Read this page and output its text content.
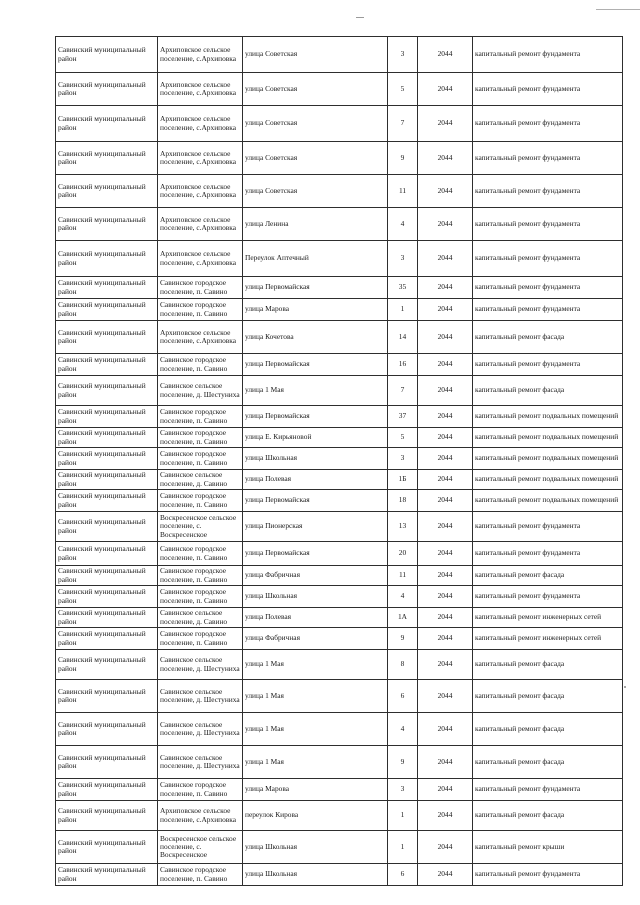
Савинский муниципальный район	Архиповское сельское поселение, с.Архиповка	улица Советская	3	2044	капитальный ремонт фундамента
Савинский муниципальный район	Архиповское сельское поселение, с.Архиповка	улица Советская	5	2044	капитальный ремонт фундамента
Савинский муниципальный район	Архиповское сельское поселение, с.Архиповка	улица Советская	7	2044	капитальный ремонт фундамента
Савинский муниципальный район	Архиповское сельское поселение, с.Архиповка	улица Советская	9	2044	капитальный ремонт фундамента
Савинский муниципальный район	Архиповское сельское поселение, с.Архиповка	улица Советская	11	2044	капитальный ремонт фундамента
Савинский муниципальный район	Архиповское сельское поселение, с.Архиповка	улица Ленина	4	2044	капитальный ремонт фундамента
Савинский муниципальный район	Архиповское сельское поселение, с.Архиповка	Переулок Аптечный	3	2044	капитальный ремонт фундамента
Савинский муниципальный район	Савинское городское поселение, п. Савино	улица Первомайская	35	2044	капитальный ремонт фундамента
Савинский муниципальный район	Савинское городское поселение, п. Савино	улица Марова	1	2044	капитальный ремонт фундамента
Савинский муниципальный район	Архиповское сельское поселение, с.Архиповка	улица Кочетова	14	2044	капитальный ремонт фасада
Савинский муниципальный район	Савинское городское поселение, п. Савино	улица Первомайская	16	2044	капитальный ремонт фундамента
Савинский муниципальный район	Савинское сельское поселение, д. Шестуниха	улица 1 Мая	7	2044	капитальный ремонт фасада
Савинский муниципальный район	Савинское городское поселение, п. Савино	улица Первомайская	37	2044	капитальный ремонт подвальных помещений
Савинский муниципальный район	Савинское городское поселение, п. Савино	улица Е. Кирьяновой	5	2044	капитальный ремонт подвальных помещений
Савинский муниципальный район	Савинское городское поселение, п. Савино	улица Школьная	3	2044	капитальный ремонт подвальных помещений
Савинский муниципальный район	Савинское сельское поселение, д. Савино	улица Полевая	1Б	2044	капитальный ремонт подвальных помещений
Савинский муниципальный район	Савинское городское поселение, п. Савино	улица Первомайская	18	2044	капитальный ремонт подвальных помещений
Савинский муниципальный район	Воскресенское сельское поселение, с. Воскресенское	улица Пионерская	13	2044	капитальный ремонт фундамента
Савинский муниципальный район	Савинское городское поселение, п. Савино	улица Первомайская	20	2044	капитальный ремонт фундамента
Савинский муниципальный район	Савинское городское поселение, п. Савино	улица Фабричная	11	2044	капитальный ремонт фасада
Савинский муниципальный район	Савинское городское поселение, п. Савино	улица Школьная	4	2044	капитальный ремонт фундамента
Савинский муниципальный район	Савинское сельское поселение, д. Савино	улица Полевая	1А	2044	капитальный ремонт инженерных сетей
Савинский муниципальный район	Савинское городское поселение, п. Савино	улица Фабричная	9	2044	капитальный ремонт инженерных сетей
Савинский муниципальный район	Савинское сельское поселение, д. Шестуниха	улица 1 Мая	8	2044	капитальный ремонт фасада
Савинский муниципальный район	Савинское сельское поселение, д. Шестуниха	улица 1 Мая	6	2044	капитальный ремонт фасада
Савинский муниципальный район	Савинское сельское поселение, д. Шестуниха	улица 1 Мая	4	2044	капитальный ремонт фасада
Савинский муниципальный район	Савинское сельское поселение, д. Шестуниха	улица 1 Мая	9	2044	капитальный ремонт фасада
Савинский муниципальный район	Савинское городское поселение, п. Савино	улица Марова	3	2044	капитальный ремонт фундамента
Савинский муниципальный район	Архиповское сельское поселение, с.Архиповка	переулок Кирова	1	2044	капитальный ремонт фасада
Савинский муниципальный район	Воскресенское сельское поселение, с. Воскресенское	улица Школьная	1	2044	капитальный ремонт крыши
Савинский муниципальный район	Савинское городское поселение, п. Савино	улица Школьная	6	2044	капитальный ремонт фундамента
